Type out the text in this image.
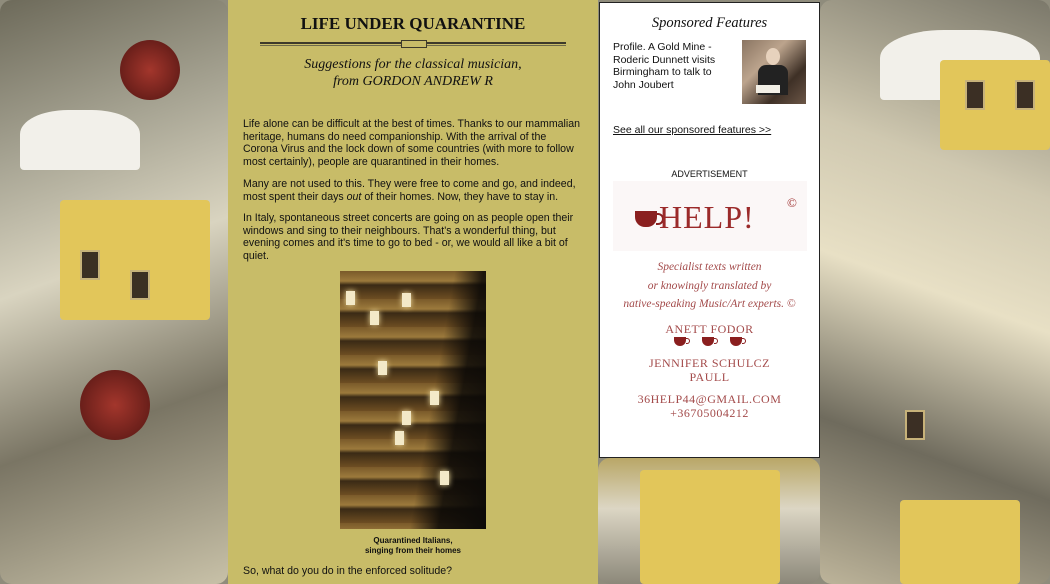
LIFE UNDER QUARANTINE
Suggestions for the classical musician,
from GORDON ANDREW R

Life alone can be difficult at the best of times. Thanks to our mammalian heritage, humans do need companionship. With the arrival of the Corona Virus and the lock down of some countries (with more to follow most certainly), people are quarantined in their homes.

Many are not used to this. They were free to come and go, and indeed, most spent their days out of their homes. Now, they have to stay in.

In Italy, spontaneous street concerts are going on as people open their windows and sing to their neighbours. That's a wonderful thing, but evening comes and it's time to go to bed - or, we would all like a bit of quiet.

Quarantined Italians,
singing from their homes
So, what do you do in the enforced solitude?
Sponsored Features
Profile. A Gold Mine - Roderic Dunnett visits Birmingham to talk to John Joubert
See all our sponsored features >>
ADVERTISEMENT
HELP! ©
Specialist texts written
or knowingly translated by
native-speaking Music/Art experts. ©
ANETT FODOR
JENNIFER SCHULCZ
PAULL
36HELP44@GMAIL.COM
+36705004212
